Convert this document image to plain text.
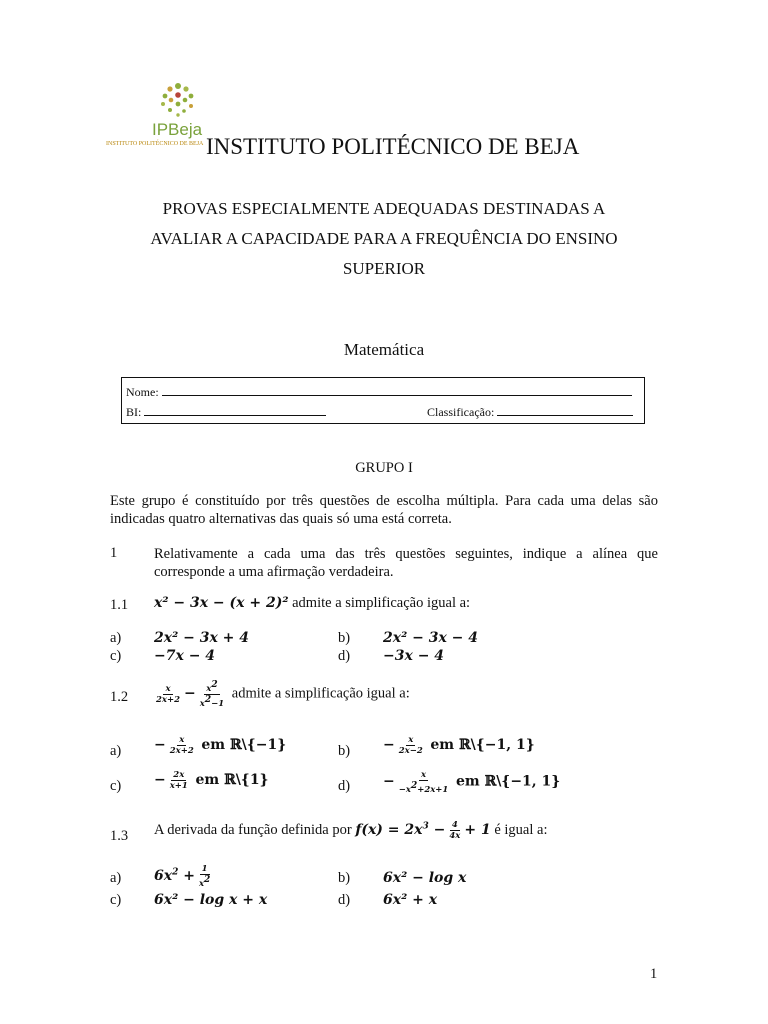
IPBeja
INSTITUTO POLITÉCNICO DE BEJA INSTITUTO POLITÉCNICO DE BEJA
PROVAS ESPECIALMENTE ADEQUADAS DESTINADAS A
AVALIAR A CAPACIDADE PARA A FREQUÊNCIA DO ENSINO
SUPERIOR
Matemática
Nome:
BI:	Classificação:
GRUPO I
Este grupo é constituído por três questões de escolha múltipla. Para cada uma delas são indicadas quatro alternativas das quais só uma está correta.
1	Relativamente a cada uma das três questões seguintes, indique a alínea que corresponde a uma afirmação verdadeira.
1.1 x² − 3x − (x + 2)² admite a simplificação igual a:
a) 2x² − 3x + 4	b) 2x² − 3x − 4
c) −7x − 4	d) −3x − 4
1.2	$\frac{x}{2x+2} - \frac{x^2}{x^2-1}$ admite a simplificação igual a:
$a) - \frac{x}{2x+2}$ em ℝ\{−1}	$b) - \frac{x}{2x-2}$ em ℝ\{−1, 1}
$c) - \frac{2x}{x+1}$ em ℝ\{1}	$d) - \frac{x}{-x^2+2x+1}$ em ℝ\{−1, 1}
1.3 A derivada da função definida por $f(x) = 2x^3 - \frac{4}{4x} + 1$ é igual a:
a) $6x^2 + \frac{1}{x^2}$	b) 6x² − log x
c) 6x² − log x + x	d) 6x² + x
1
